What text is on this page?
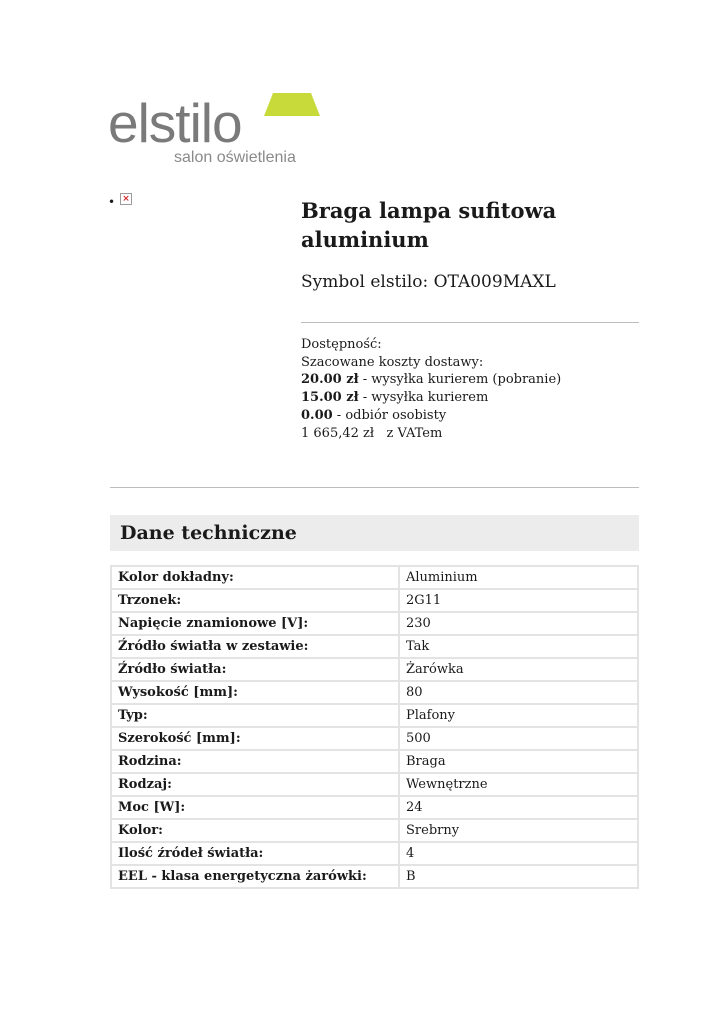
elstilo
salon oświetlenia
• ×	Braga lampa sufitowa aluminium
Symbol elstilo: OTA009MAXL
Dostępność:
Szacowane koszty dostawy:
20.00 zł - wysyłka kurierem (pobranie)
15.00 zł - wysyłka kurierem
0.00 - odbiór osobisty
1 665,42 zł   z VATem
Dane techniczne
Kolor dokładny:	Aluminium
Trzonek:	2G11
Napięcie znamionowe [V]:	230
Źródło światła w zestawie:	Tak
Źródło światła:	Żarówka
Wysokość [mm]:	80
Typ:	Plafony
Szerokość [mm]:	500
Rodzina:	Braga
Rodzaj:	Wewnętrzne
Moc [W]:	24
Kolor:	Srebrny
Ilość źródeł światła:	4
EEL - klasa energetyczna żarówki:	B
